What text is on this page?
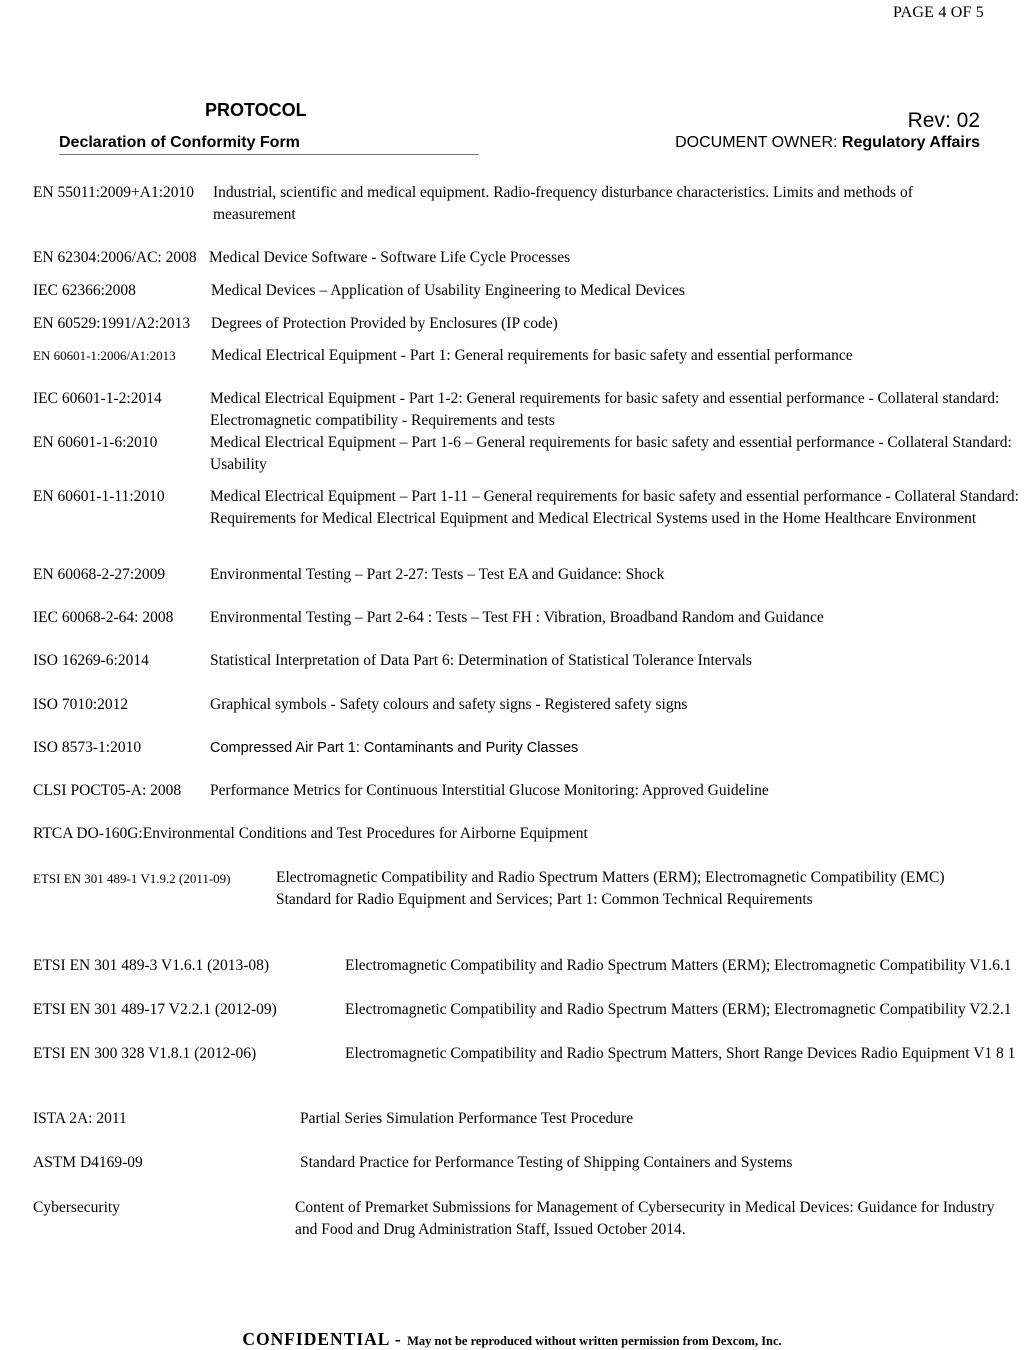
PAGE 4 OF 5
PROTOCOL
Declaration of Conformity Form
Rev: 02
DOCUMENT OWNER: Regulatory Affairs
EN 55011:2009+A1:2010 Industrial, scientific and medical equipment. Radio-frequency disturbance characteristics. Limits and methods of measurement
EN 62304:2006/AC: 2008 Medical Device Software - Software Life Cycle Processes
IEC 62366:2008	Medical Devices – Application of Usability Engineering to Medical Devices
EN 60529:1991/A2:2013 Degrees of Protection Provided by Enclosures (IP code)
EN 60601-1:2006/A1:2013 Medical Electrical Equipment - Part 1: General requirements for basic safety and essential performance
IEC 60601-1-2:2014	Medical Electrical Equipment - Part 1-2: General requirements for basic safety and essential performance - Collateral standard: Electromagnetic compatibility - Requirements and tests
EN 60601-1-6:2010	Medical Electrical Equipment – Part 1-6 – General requirements for basic safety and essential performance - Collateral Standard: Usability
EN 60601-1-11:2010	Medical Electrical Equipment – Part 1-11 – General requirements for basic safety and essential performance - Collateral Standard: Requirements for Medical Electrical Equipment and Medical Electrical Systems used in the Home Healthcare Environment
EN 60068-2-27:2009	Environmental Testing – Part 2-27: Tests – Test EA and Guidance: Shock
IEC 60068-2-64: 2008 Environmental Testing – Part 2-64 : Tests – Test FH : Vibration, Broadband Random and Guidance
ISO 16269-6:2014	Statistical Interpretation of Data Part 6: Determination of Statistical Tolerance Intervals
ISO 7010:2012	Graphical symbols - Safety colours and safety signs - Registered safety signs
ISO 8573-1:2010	Compressed Air Part 1: Contaminants and Purity Classes
CLSI POCT05-A: 2008 Performance Metrics for Continuous Interstitial Glucose Monitoring: Approved Guideline
RTCA DO-160G:Environmental Conditions and Test Procedures for Airborne Equipment
ETSI EN 301 489-1 V1.9.2 (2011-09)	Electromagnetic Compatibility and Radio Spectrum Matters (ERM); Electromagnetic Compatibility (EMC) Standard for Radio Equipment and Services; Part 1: Common Technical Requirements
ETSI EN 301 489-3 V1.6.1 (2013-08)	Electromagnetic Compatibility and Radio Spectrum Matters (ERM); Electromagnetic Compatibility V1.6.1
ETSI EN 301 489-17 V2.2.1 (2012-09)	Electromagnetic Compatibility and Radio Spectrum Matters (ERM); Electromagnetic Compatibility V2.2.1
ETSI EN 300 328 V1.8.1 (2012-06)	Electromagnetic Compatibility and Radio Spectrum Matters, Short Range Devices Radio Equipment V1 8 1
ISTA 2A: 2011	Partial Series Simulation Performance Test Procedure
ASTM D4169-09	Standard Practice for Performance Testing of Shipping Containers and Systems
Cybersecurity	Content of Premarket Submissions for Management of Cybersecurity in Medical Devices: Guidance for Industry and Food and Drug Administration Staff, Issued October 2014.
CONFIDENTIAL - May not be reproduced without written permission from Dexcom, Inc.
